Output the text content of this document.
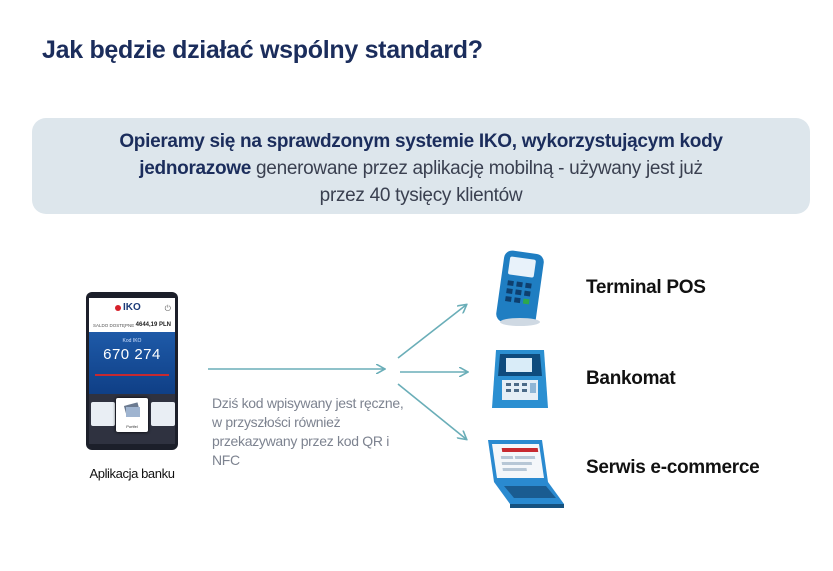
Jak będzie działać wspólny standard?
Opieramy się na sprawdzonym systemie IKO, wykorzystującym kody
jednorazowe generowane przez aplikację mobilną - używany jest już
przez 40 tysięcy klientów
IKO	⏻
SALDO DOSTĘPNE 4644,19 PLN
Kod IKO
670 274
Portfel
Aplikacja banku
Dziś kod wpisywany jest ręczne, w przyszłości również przekazywany przez kod QR i NFC
Terminal POS
Bankomat
Serwis e-commerce
